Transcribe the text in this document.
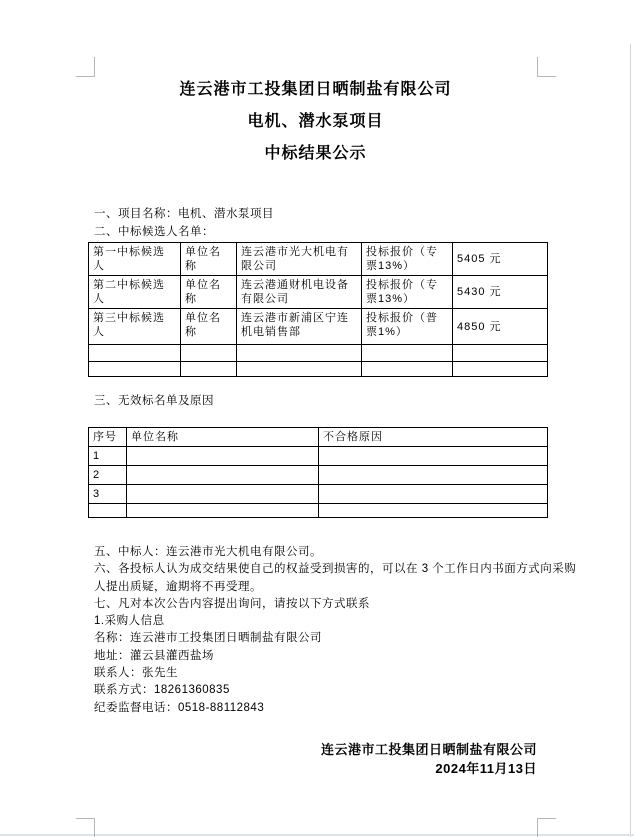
连云港市工投集团日晒制盐有限公司
电机、潜水泵项目
中标结果公示
一、项目名称：电机、潜水泵项目
二、中标候选人名单：
第一中标候选人	单位名称	连云港市光大机电有限公司	投标报价（专票13%）	5405 元
第二中标候选人	单位名称	连云港通财机电设备有限公司	投标报价（专票13%）	5430 元
第三中标候选人	单位名称	连云港市新浦区宁连机电销售部	投标报价（普票1%）	4850 元

三、无效标名单及原因
序号	单位名称	不合格原因
1		
2		
3		

五、中标人：连云港市光大机电有限公司。
六、各投标人认为成交结果使自己的权益受到损害的，可以在 3 个工作日内书面方式向采购
人提出质疑，逾期将不再受理。
七、凡对本次公告内容提出询问，请按以下方式联系
1.采购人信息
名称：连云港市工投集团日晒制盐有限公司
地址：灌云县灌西盐场
联系人：张先生
联系方式：18261360835
纪委监督电话：0518-88112843
连云港市工投集团日晒制盐有限公司
2024年11月13日
